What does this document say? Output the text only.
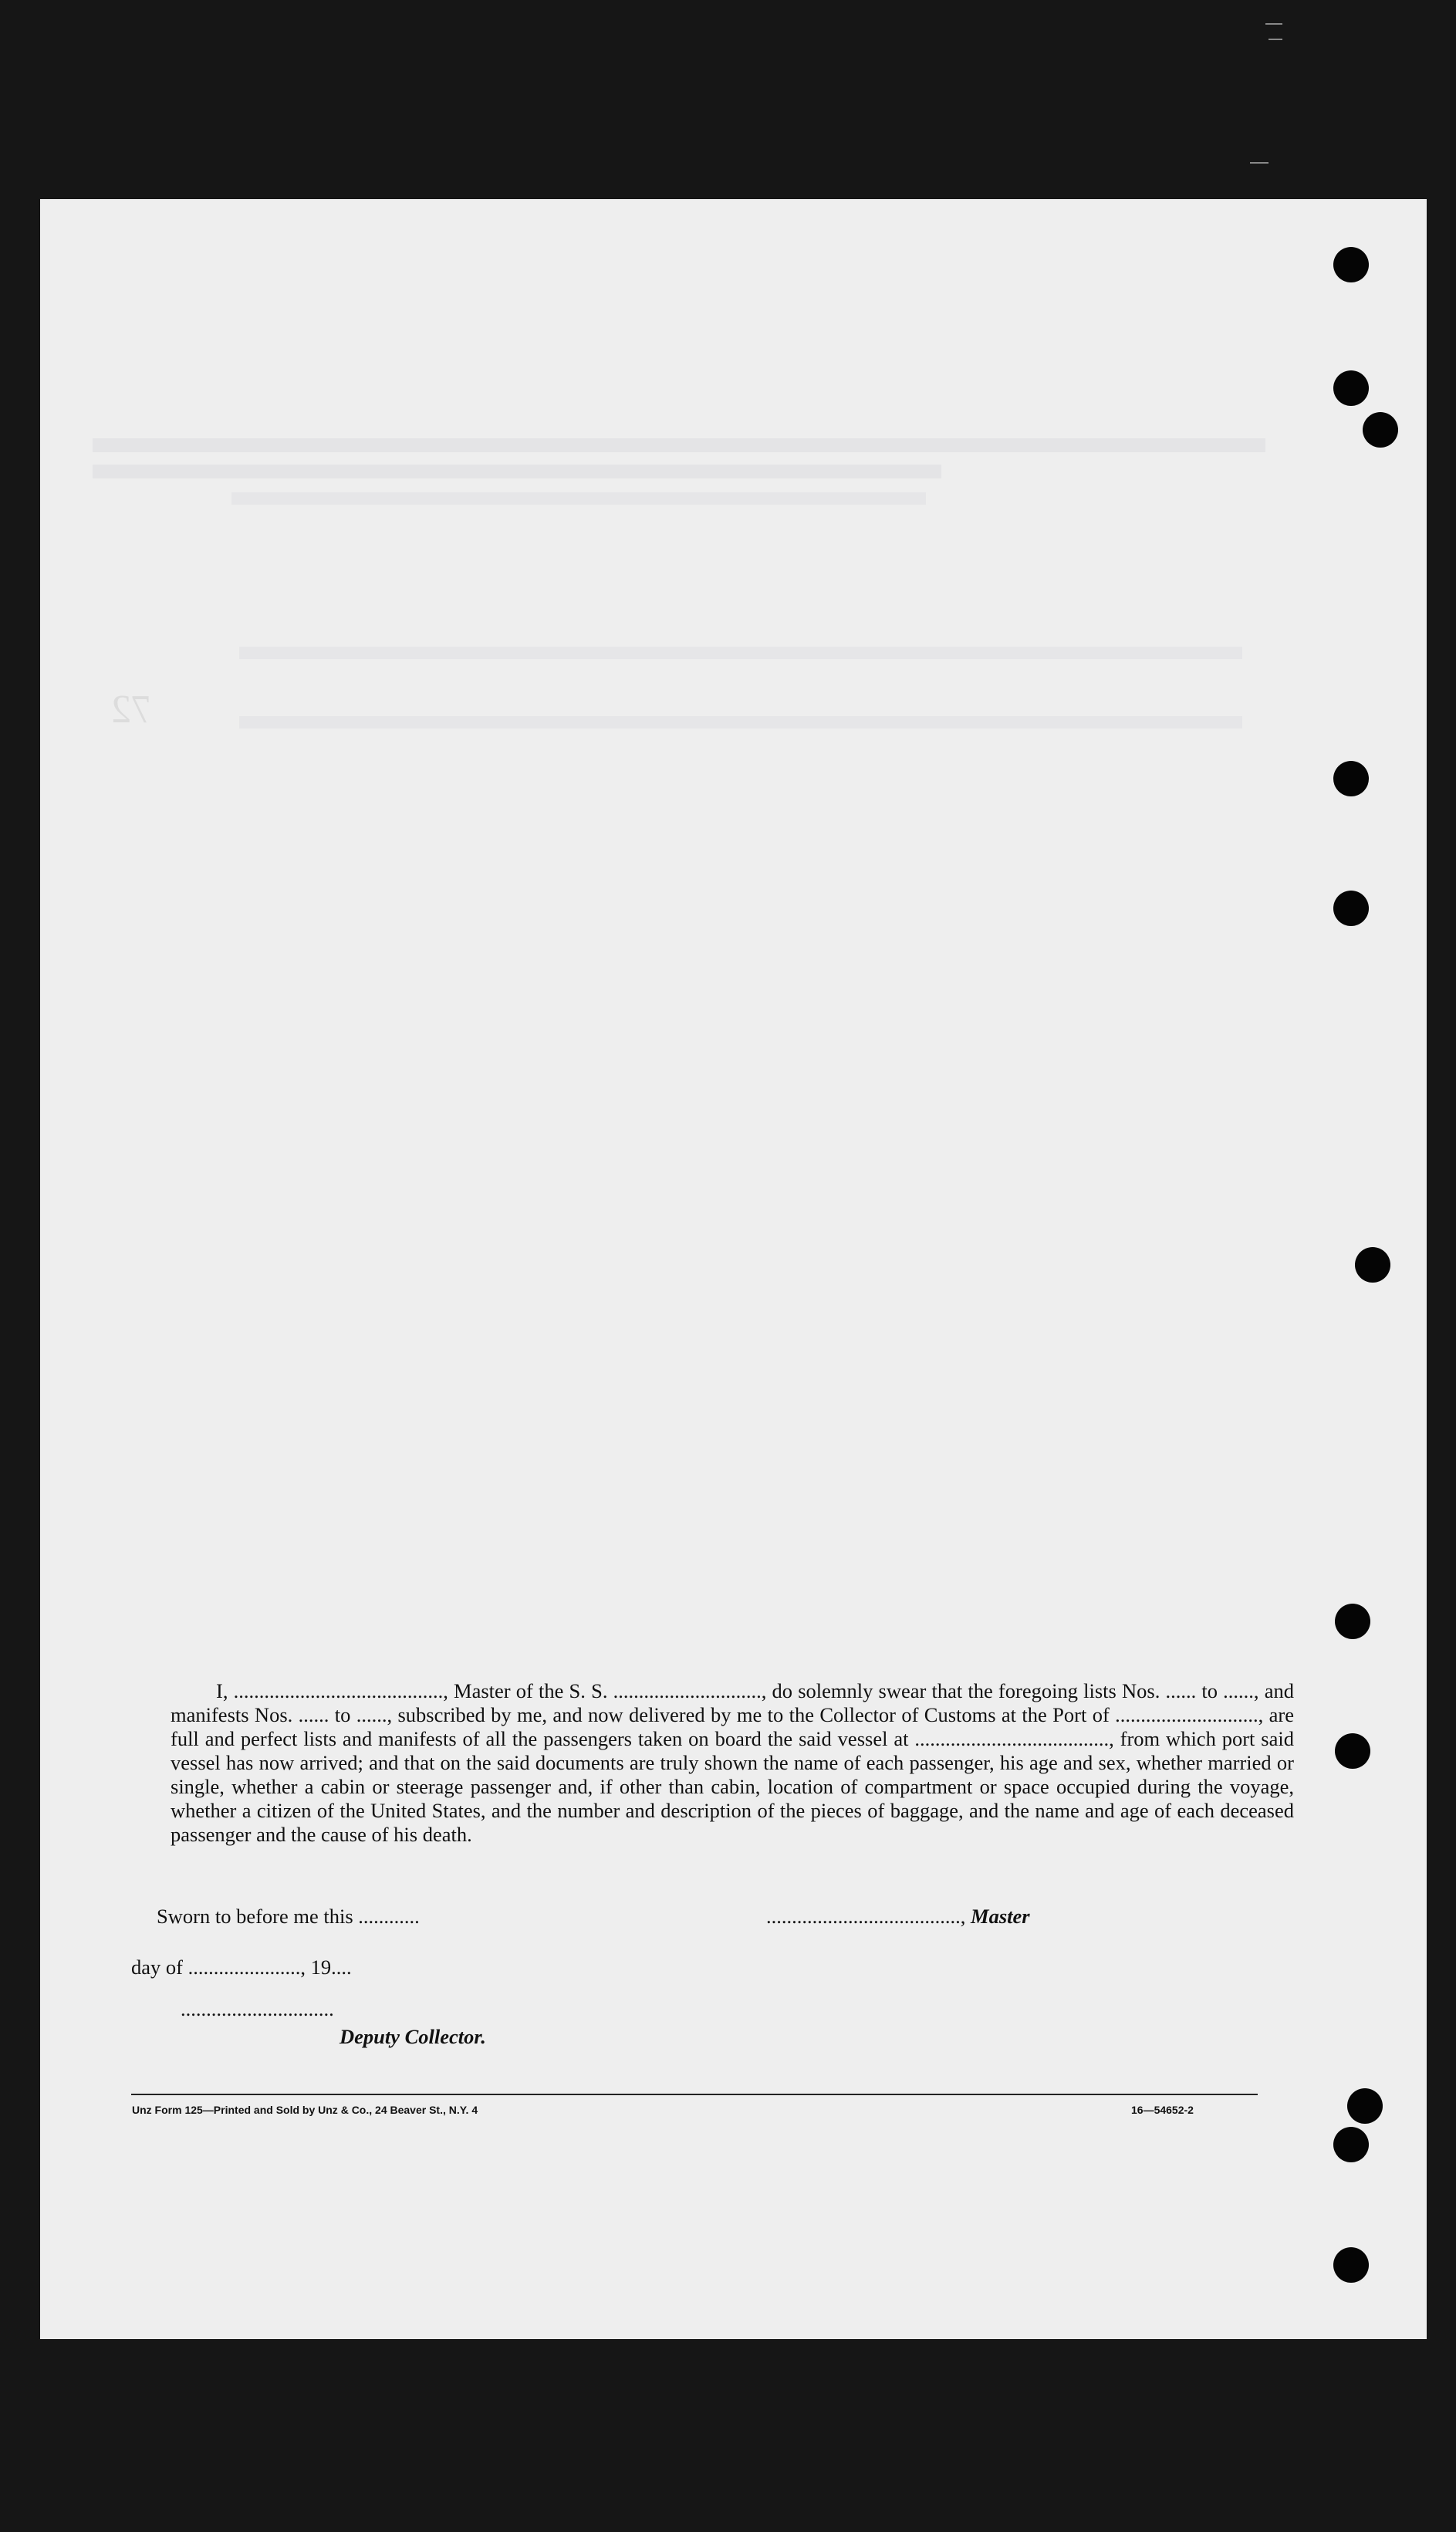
72
I, ........................................., Master of the S. S. ............................., do solemnly swear that the foregoing lists Nos. ...... to ......, and manifests Nos. ...... to ......, subscribed by me, and now delivered by me to the Collector of Customs at the Port of ............................, are full and perfect lists and manifests of all the passengers taken on board the said vessel at ......................................, from which port said vessel has now arrived; and that on the said documents are truly shown the name of each passenger, his age and sex, whether married or single, whether a cabin or steerage passenger and, if other than cabin, location of compartment or space occupied during the voyage, whether a citizen of the United States, and the number and description of the pieces of baggage, and the name and age of each deceased passenger and the cause of his death.
Sworn to before me this ............	......................................, Master
day of ......................, 19....
..............................
Deputy Collector.
Unz Form 125—Printed and Sold by Unz & Co., 24 Beaver St., N.Y. 4	16—54652-2
